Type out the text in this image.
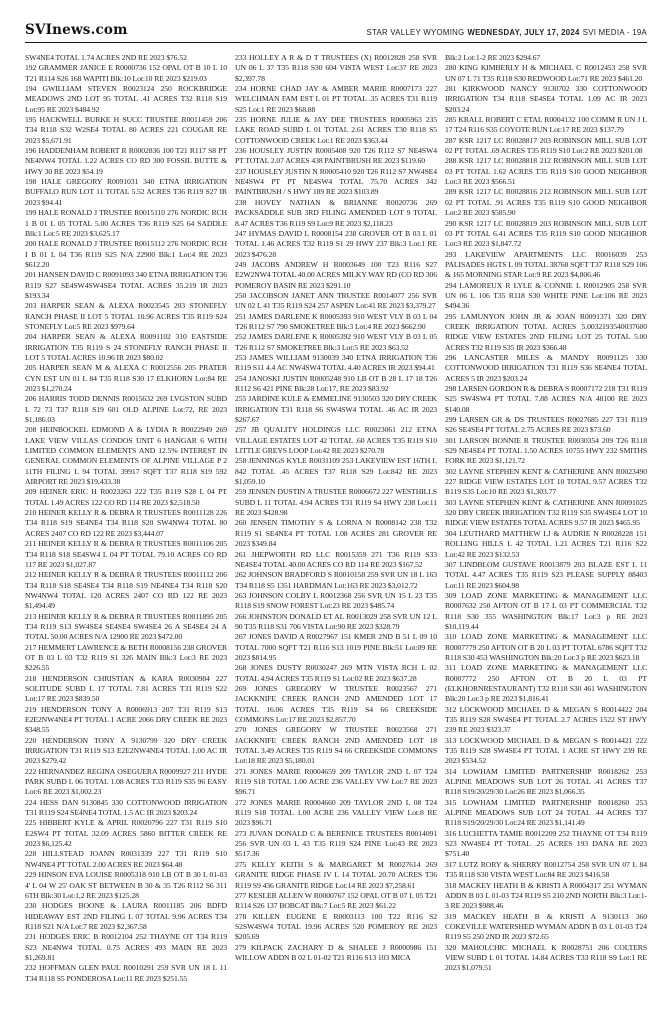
SVInews.com	STAR VALLEY WYOMING WEDNESDAY, JULY 17, 2024 SVI MEDIA - 19A

SW4NE4 TOTAL 1.74 ACRES 2ND RE 2023 $76.52

192 GRAMMER JANICE E R0000736 152 OPAL OT B 10 L 10 T21 R114 S26 168 WAPITI Blk:10 Lot:10 RE 2023 $219.03

194 GWILLIAM STEVEN R0023124 250 ROCKBRIDGE MEADOWS 2ND LOT 95 TOTAL .41 ACRES T32 R118 S19 Lot:95 RE 2023 $484.92

195 HACKWELL BURKE H SUCC TRUSTEE R0011459 206 T34 R118 S32 W2SE4 TOTAL 80 ACRES 221 COUGAR RE 2023 $5,671.91

196 HADDENHAM ROBERT R R0002836 100 T21 R117 S8 PT NE4NW4 TOTAL 1.22 ACRES CO RD 300 FOSSIL BUTTE & HWY 30 RE 2023 $54.19

198 HALE GREGORY R0091031 340 ETNA IRRIGATION BUFFALO RUN LOT 11 TOTAL 5.52 ACRES T36 R119 S27 IR 2023 $94.41

199 HALE RONALD J TRUSTEE R0015110 276 NORDIC RCH 1 B 01 L 05 TOTAL 5.00 ACRES T36 R119 S25 64 SADDLE Blk:1 Lot:5 RE 2023 $3,625.17

200 HALE RONALD J TRUSTEE R0015112 276 NORDIC RCH I B 01 L 04 T36 R119 S25 N/A 22900 Blk:1 Lot:4 RE 2023 $612.20

201 HANSEN DAVID C R0091093 340 ETNA IRRIGATION T36 R119 S27 SE4SW4SW4SE4 TOTAL ACRES 35.219 IR 2023 $193.34

203 HARPER SEAN & ALEXA R0023545 203 STONEFLY RANCH PHASE II LOT 5 TOTAL 10.96 ACRES T35 R119 S24 STONEFLY Lot:5 RE 2023 $979.64

204 HARPER SEAN & ALEXA R0091102 310 EASTSIDE IRRIGATION T35 R119 S 24 STONEFLY RANCH PHASE II LOT 5 TOTAL ACRES 10.96 IR 2023 $80.02

205 HARPER SEAN M & ALEXA C R0012556 205 PRATER CYN EST UN 01 L 84 T35 R118 S30 17 ELKHORN Lot:84 RE 2023 $1,270.24

206 HARRIS TODD DENNIS R0015632 269 LVGSTON SUBD L 72 73 T37 R118 S19 601 OLD ALPINE Lot:72, RE 2023 $1,186.03

208 HEINBOCKEL EDMOND A & LYDIA R R0022949 269 LAKE VIEW VILLAS CONDOS UNIT 6 HANGAR 6 WITH LIMITED COMMON ELEMENTS AND 12.5% INTEREST IN GENERAL COMMON ELEMENTS OF ALPINE VILLAGE P 2 11TH FILING L 94 TOTAL 39917 SQFT T37 R118 S19 592 AIRPORT RE 2023 $19,433.38

209 HEINER ERIC H R0023263 222 T35 R119 S28 L 04 PT TOTAL 1.49 ACRES 122 CO RD 114 RE 2023 $2,518.50

210 HEINER KELLY R & DEBRA R TRUSTEES R0011128 226 T34 R118 S19 SE4NE4 T34 R118 S20 SW4NW4 TOTAL 80 ACRES 2407 CO RD 122 RE 2023 $3,444.07

211 HEINER KELLY R & DEBRA R TRUSTEES R0011106 205 T34 R118 S18 SE4SW4 L 04 PT TOTAL 79.10 ACRES CO RD 117 RE 2023 $1,027.87

212 HEINER KELLY R & DEBRA R TRUSTEES R0011112 206 T34 R118 S18 SE4SE4 T34 R118 S19 NE4NE4 T34 R118 S20 NW4NW4 TOTAL 120 ACRES 2407 CO RD 122 RE 2023 $1,494.49

213 HEINER KELLY R & DEBRA R TRUSTEES R0011895 205 T34 R119 S13 SW4SE4 SE4SE4 SW4SE4 26 A SE4SE4 24 A TOTAL 50.00 ACRES N/A 12900 RE 2023 $472.00

217 HEMMERT LAWRENCE & BETH R0008156 238 GROVER OT B 03 L 03 T32 R119 S1 326 MAIN Blk:3 Lot:3 RE 2023 $226.55

218 HENDERSON CHRISTIAN & KARA R0030984 227 SOLITUDE SUBD L 17 TOTAL 7.81 ACRES T31 R119 S22 Lot:17 RE 2023 $839.50

219 HENDERSON TONY A R0006913 207 T31 R119 S13 E2E2NW4NE4 PT TOTAL 1 ACRE 2066 DRY CREEK RE 2023 $348.55

220 HENDERSON TONY A 9130799 320 DRY CREEK IRRIGATION T31 R119 S13 E2E2NW4NE4 TOTAL 1.00 AC IR 2023 $279.42

222 HERNANDEZ REGINA OSEGUERA R0009927 211 HYDE PARK SUBD L 06 TOTAL 1.08 ACRES T33 R119 S35 96 EASY Lot:6 RE 2023 $1,002.23

224 HESS DAN 9130845 330 COTTONWOOD IRRIGATION T31 R119 S24 SE4NE4 TOTAL 1.5 AC IR 2023 $203.24

225 HIBBERT KYLE & APRIL R0020796 227 T31 R119 S10 E2SW4 PT TOTAL 32.09 ACRES 5860 BITTER CREEK RE 2023 $6,125.42

228 HILLSTEAD JOANN R0031339 227 T31 R119 S10 NW4NE4 PT TOTAL 2.00 ACRES RE 2023 $64.48

229 HINSON EVA LOUISE R0005318 910 LB OT B 30 L 01-03 4' L 04 W 25' OAK ST BETWEEN B 30 & 35 T26 R112 S6 311 6TH Blk:30 Lot:1,2 RE 2023 $125.28

230 HODGES BOONE & LAURA R0011185 206 BDFD HIDEAWAY EST 2ND FILING L 07 TOTAL 9.96 ACRES T34 R118 S21 N/A Lot:7 RE 2023 $2,367.58

231 HODGES ERIC B R0012104 252 THAYNE OT T34 R119 S23 NE4NW4 TOTAL 0.75 ACRES 493 MAIN RE 2023 $1,269.81

232 HOFFMAN GLEN PAUL R0010291 259 SVR UN 18 L 11 T34 R118 S5 PONDEROSA Lot:11 RE 2023 $251.55

233 HOLLEY A R & D T TRUSTEES (X) R0012828 258 SVR UN 06 L 37 T35 R118 S30 604 VISTA WEST Lot:37 RE 2023 $2,397.78

234 HORNE CHAD JAY & AMBER MARIE R0007173 227 WELCHMAN FAM EST L 01 PT TOTAL .35 ACRES T31 R119 S25 Lot:1 RE 2023 $68.88

235 HORNE JULIE & JAY DEE TRUSTEES R0005963 235 LAKE ROAD SUBD L 01 TOTAL 2.61 ACRES T30 R118 S5 COTTONWOOD CREEK Lot:1 RE 2023 $363.44

236 HOUSLEY JUSTIN R0005408 920 T26 R112 S7 NE4SW4 PT TOTAL 2.07 ACRES 438 PAINTBRUSH RE 2023 $119.60

237 HOUSLEY JUSTIN N R0005410 920 T26 R112 S7 NW4SE4 NE4SW4 PT PT NE4SW4 TOTAL 75.70 ACRES 342 PAINTBRUSH / S HWY 189 RE 2023 $103.89

238 HOVEY NATHAN & BRIANNE R0020736 269 PACKSADDLE SUB 3RD FILING AMENDED LOT 9 TOTAL 8.47 ACRES T36 R119 S9 Lot:9 RE 2023 $2,118.23

247 HYMAS DAVID L R0008154 238 GROVER OT B 03 L 01 TOTAL 1.46 ACRES T32 R119 S1 29 HWY 237 Blk:3 Lot:1 RE 2023 $476.28

249 JACOBS ANDREW H R0003649 100 T23 R116 S27 E2W2NW4 TOTAL 40.00 ACRES MILKY WAY RD (CO RD 306 POMEROY BASIN RE 2023 $291.10

250 JACOBSON JANET ANN TRUSTEE R0014077 256 SVR UN 02 L 41 T35 R119 S24 257 ASPEN Lot:41 RE 2023 $3,379.27

251 JAMES DARLENE K R0005393 910 WEST VLY B 03 L 04 T26 R112 S7 790 SMOKETREE Blk:3 Lot:4 RE 2023 $662.90

252 JAMES DARLENE K R0005392 910 WEST VLY B 03 L 05 T26 R112 S7 SMOKETREE Blk:3 Lot:5 RE 2023 $63.52

253 JAMES WILLIAM 9130039 340 ETNA IRRIGATION T36 R119 S11 4.4 AC NW4SW4 TOTAL 4.40 ACRES IR 2023 $94.41

254 JANOSKI JUSTIN R0005248 910 LB OT B 28 L 17 18 T26 R112 S6 421 PINE Blk:28 Lot:17, RE 2023 $83.92

255 JARDINE KULE & EMMELINE 9130503 320 DRY CREEK IRRIGATION T31 R118 S6 SW4SW4 TOTAL .46 AC IR 2023 $267.67

257 JB QUALITY HOLDINGS LLC R0023061 212 ETNA VILLAGE ESTATES LOT 42 TOTAL .60 ACRES T35 R119 S10 LITTLE GREYS LOOP Lot:42 RE 2023 $270.78

258 JENNINGS KYLE R0031109 253 LAKEVIEW EST 16TH L 842 TOTAL .45 ACRES T37 R118 S29 Lot:842 RE 2023 $1,059.10

259 JENSEN DUSTIN A TRUSTEE R0006672 227 WESTHILLS SUBD L 11 TOTAL 4.94 ACRES T31 R119 S4 HWY 238 Lot:11 RE 2023 $428.98

260 JENSEN TIMOTHY S & LORNA N R0008142 238 T32 R119 S1 SE4NE4 PT TOTAL 1.08 ACRES 281 GROVER RE 2023 $349.84

261 JHEPWORTH RD LLC R0015359 271 T36 R119 S33 NE4SE4 TOTAL 40.00 ACRES CO RD 114 RE 2023 $167.52

262 JOHNSON BRADFORD S R0010158 259 SVR UN 18 L 163 T34 R118 S5 1351 HARDMAN Lot:163 RE 2023 $3,012.72

263 JOHNSON COLBY L R0012368 256 SVR UN 15 L 23 T35 R118 S19 SNOW FOREST Lot:23 RE 2023 $485.74

266 JOHNSTON DONALD ET AL R0013029 258 SVR UN 12 L 90 T35 R118 S31 706 VISTA Lot:90 RE 2023 $328.79

267 JONES DAVID A R0027967 151 KMER 2ND B 51 L 09 10 TOTAL 7000 SQFT T21 R116 S13 1019 PINE Blk:51 Lot:09 RE 2023 $814.95

268 JONES DUSTY R0030247 269 MTN VISTA RCH L 02 TOTAL 4.94 ACRES T35 R119 S1 Lot:02 RE 2023 $637.28

269 JONES GREGORY W TRUSTEE R0023567 271 JACKKNIFE CREEK RANCH 2ND AMENDED LOT 17 TOTAL 16.06 ACRES T35 R119 S4 66 CREEKSIDE COMMONS Lot:17 RE 2023 $2,857.70

270 JONES GREGORY W TRUSTEE R0023568 271 JACKKNIFE CREEK RANCH 2ND AMENDED LOT 18 TOTAL 3.49 ACRES T35 R119 S4 66 CREEKSIDE COMMONS Lot:18 RE 2023 $5,180.01

271 JONES MARIE R0004659 209 TAYLOR 2ND L 07 T24 R119 S18 TOTAL 1.00 ACRE 236 VALLEY VW Lot:7 RE 2023 $96.71

272 JONES MARIE R0004660 209 TAYLOR 2ND L 08 T24 R119 S18 TOTAL 1.00 ACRE 236 VALLEY VIEW Lot:8 RE 2023 $96.71

273 JUVAN DONALD C & BERENICE TRUSTEES R0014091 256 SVR UN 03 L 43 T35 R119 S24 PINE Lot:43 RE 2023 $517.36

275 KELLY KEITH S & MARGARET M R0027614 269 GRANITE RIDGE PHASE IV L 14 TOTAL 20.70 ACRES T36 R119 S9 436 GRANITE RIDGE Lot:14 RE 2023 $7,258.61

277 KESLER ALLEN W R0000767 152 OPAL OT B 07 L 05 T21 R114 S26 137 BOBCAT Blk:7 Lot:5 RE 2023 $61.22

278 KILLEN EUGENE E R0003113 100 T22 R116 S2 S2SW4SW4 TOTAL 19.96 ACRES 520 POMEROY RE 2023 $205.69

279 KILPACK ZACHARY D & SHALEE J R0000986 151 WILLOW ADDN B 02 L 01-02 T21 R116 S13 103 MICA

Blk:2 Lot:1-2 RE 2023 $294.67

280 KING KIMBERLY H & MICHAEL C R0012453 258 SVR UN 07 L 71 T35 R118 S30 REDWOOD Lot:71 RE 2023 $461.20

281 KIRKWOOD NANCY 9130702 330 COTTONWOOD IRRIGATION T34 R118 SE4SE4 TOTAL 1.09 AC IR 2023 $203.24

285 KRALL ROBERT C ETAL R0004132 100 COMM R UN J L 17 T24 R116 S35 COYOTE RUN Lot:17 RE 2023 $137.79

287 KSR 1217 LC R0028817 203 ROBINSON MILL SUB LOT 02 PT TOTAL .69 ACRES T35 R119 S10 Lot:2 RE 2023 $201.08

288 KSR 1217 LC R0028818 212 ROBINSON MILL SUB LOT 03 PT TOTAL 1.62 ACRES T35 R119 S10 GOOD NEIGHBOR Lot:3 RE 2023 $566.51

289 KSR 1217 LC R0028816 212 ROBINSON MILL SUB LOT 02 PT TOTAL .91 ACRES T35 R119 S10 GOOD NEIGHBOR Lot:2 RE 2023 $585.90

290 KSR 1217 LC R0028819 203 ROBINSON MILL SUB LOT 03 PT TOTAL 6.41 ACRES T35 R119 S10 GOOD NEIGHBOR Lot:3 RE 2023 $1,847.72

293 LAKEVIEW APARTMENTS LLC R0016039 253 PALISADES HGTS L 09 TOTAL 38768 SQFT T37 R118 S29 106 & 165 MORNING STAR Lot:9 RE 2023 $4,806.46

294 LAMOREUX R LYLE & CONNIE L R0012905 258 SVR UN 06 L 106 T35 R118 S30 WHITE PINE Lot:106 RE 2023 $494.36

295 LAMUNYON JOHN JR & JOAN R0091371 320 DRY CREEK IRRIGATION TOTAL ACRES 5.0032193540037600 RIDGE VIEW ESTATES 2ND FILING LOT 25 TOTAL 5.00 ACRES T32 R119 S35 IR 2023 $366.48

296 LANCASTER MILES & MANDY R0091125 330 COTTONWOOD IRRIGATION T31 R119 S36 SE4NE4 TOTAL ACRES 5 IR 2023 $203.24

298 LARSEN GORDON R & DEBRA S R0007172 218 T31 R119 S25 SW4SW4 PT TOTAL 7.88 ACRES N/A 48100 RE 2023 $140.08

299 LARSEN GR & DS TRUSTEES R0027685 227 T31 R119 S26 SE4SE4 PT TOTAL 2.75 ACRES RE 2023 $73.60

301 LARSON BONNIE R TRUSTEE R0030354 209 T26 R118 S29 NE4SE4 PT TOTAL 1.50 ACRES 10755 HWY 232 SMITHS FORK RE 2023 $1,121.72

302 LAYNE STEPHEN KENT & CATHERINE ANN R0023490 227 RIDGE VIEW ESTATES LOT 10 TOTAL 9.57 ACRES T32 R119 S35 Lot:10 RE 2023 $1,303.77

303 LAYNE STEPHEN KENT & CATHERINE ANN R0091025 320 DRY CREEK IRRIGATION T32 R119 S35 SW4SE4 LOT 10 RIDGE VIEW ESTATES TOTAL ACRES 9.57 IR 2023 $465.95

304 LEUTHARD MATTHEW LJ & AUDRIE N R0028228 151 ROLLING HILLS L 42 TOTAL 1.21 ACRES T21 R116 S22 Lot:42 RE 2023 $132.53

307 LINDBLOM GUSTAVE R0013879 203 BLAZE EST L 11 TOTAL 4.47 ACRES T35 R119 S23 PLEASE SUPPLY 88403 Lot:11 RE 2023 $604.98

309 LOAD ZONE MARKETING & MANAGEMENT LLC R0007632 250 AFTON OT B 17 L 03 PT COMMERCIAL T32 R118 S30 355 WASHINGTON Blk:17 Lot:3 p RE 2023 $10,119.44

310 LOAD ZONE MARKETING & MANAGEMENT LLC R0007779 250 AFTON OT B 20 L 03 PT TOTAL 6786 SQFT T32 R118 S30 453 WASHINGTON Blk:20 Lot:3 p RE 2023 $623.18

311 LOAD ZONE MARKETING & MANAGEMENT LLC R0007772 250 AFTON OT B 20 L 03 PT (ELKHORNRESTAURANT) T32 R118 S30 461 WASHINGTON Blk:20 Lot:3 p RE 2023 $1,816.41

312 LOCKWOOD MICHAEL D & MEGAN S R0014422 204 T35 R119 S28 SW4SE4 PT TOTAL 2.7 ACRES 1522 ST HWY 239 RE 2023 $323.37

313 LOCKWOOD MICHAEL D & MEGAN S R0014421 222 T35 R119 S28 SW4SE4 PT TOTAL 1 ACRE ST HWY 239 RE 2023 $534.52

314 LOWHAM LIMITED PARTNERSHIP R0018262 253 ALPINE MEADOWS SUB LOT 26 TOTAL .41 ACRES T37 R118 S19/20/29/30 Lot:26 RE 2023 $1,066.35

315 LOWHAM LIMITED PARTNERSHIP R0018260 253 ALPINE MEADOWS SUB LOT 24 TOTAL .44 ACRES T37 R118 S19/20/29/30 Lot:24 RE 2023 $1,141.49

316 LUCHETTA TAMIE R0012209 252 THAYNE OT T34 R119 S23 NW4SE4 PT TOTAL .25 ACRES 193 DANA RE 2023 $751.40

317 LUTZ RORY & SHERRY R0012754 258 SVR UN 07 L 84 T35 R118 S30 VISTA WEST Lot:84 RE 2023 $416.58

318 MACKEY HEATH B & KRISTI A R0004317 251 WYMAN ADDN B 03 L 01-03 T24 R119 S5 210 2ND NORTH Blk:3 Lot:1-3 RE 2023 $988.46

319 MACKEY HEATH B & KRISTI A 9130113 360 COKEVILLE WATERSHED WYMAN ADDN B 03 L 01-03 T24 R119 S5 250 2ND IR 2023 $72.65

320 MAHOLCHIC MICHAEL K R0028751 206 COLTERS VIEW SUBD L 01 TOTAL 14.84 ACRES T33 R118 S9 Lot:1 RE 2023 $1,079.51
